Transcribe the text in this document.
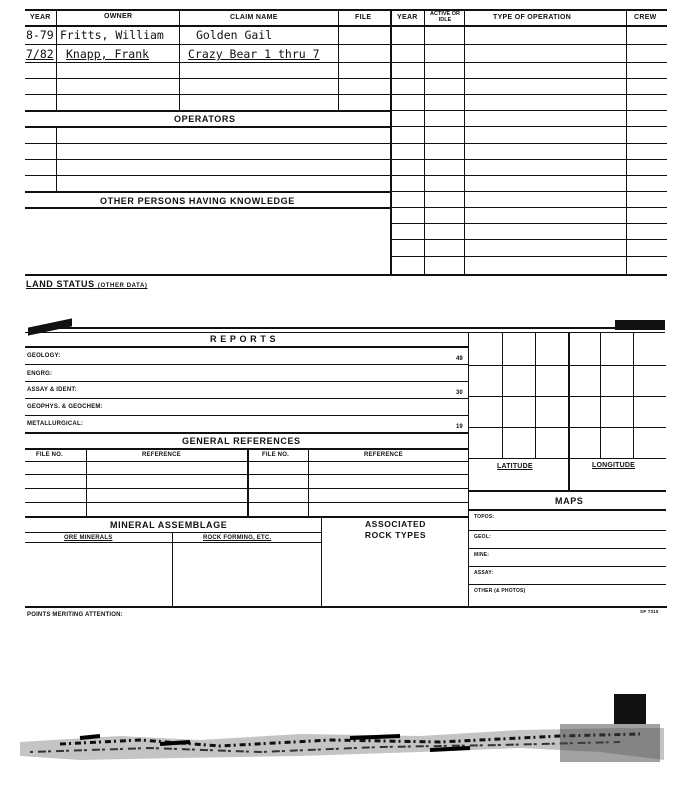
YEAR	OWNER	CLAIM NAME	FILE
8-79 Fritts, William	Golden Gail
7/82 Knapp, Frank	Crazy Bear 1 thru 7
OPERATORS
OTHER PERSONS HAVING KNOWLEDGE
YEAR	ACTIVE OR IDLE	TYPE OF OPERATION	CREW
LAND STATUS (OTHER DATA)
R E P O R T S
GEOLOGY:	49
ENGRG:
ASSAY & IDENT:	30
GEOPHYS. & GEOCHEM:
METALLURGICAL:	19
GENERAL REFERENCES
FILE NO.	REFERENCE	FILE NO.	REFERENCE
LATITUDE	LONGITUDE
MAPS
TOPOS:
GEOL:
MINE:
ASSAY:
OTHER (& PHOTOS)
MINERAL ASSEMBLAGE
ORE MINERALS	ROCK FORMING, ETC.
ASSOCIATED ROCK TYPES
POINTS MERITING ATTENTION:
SP 7315
